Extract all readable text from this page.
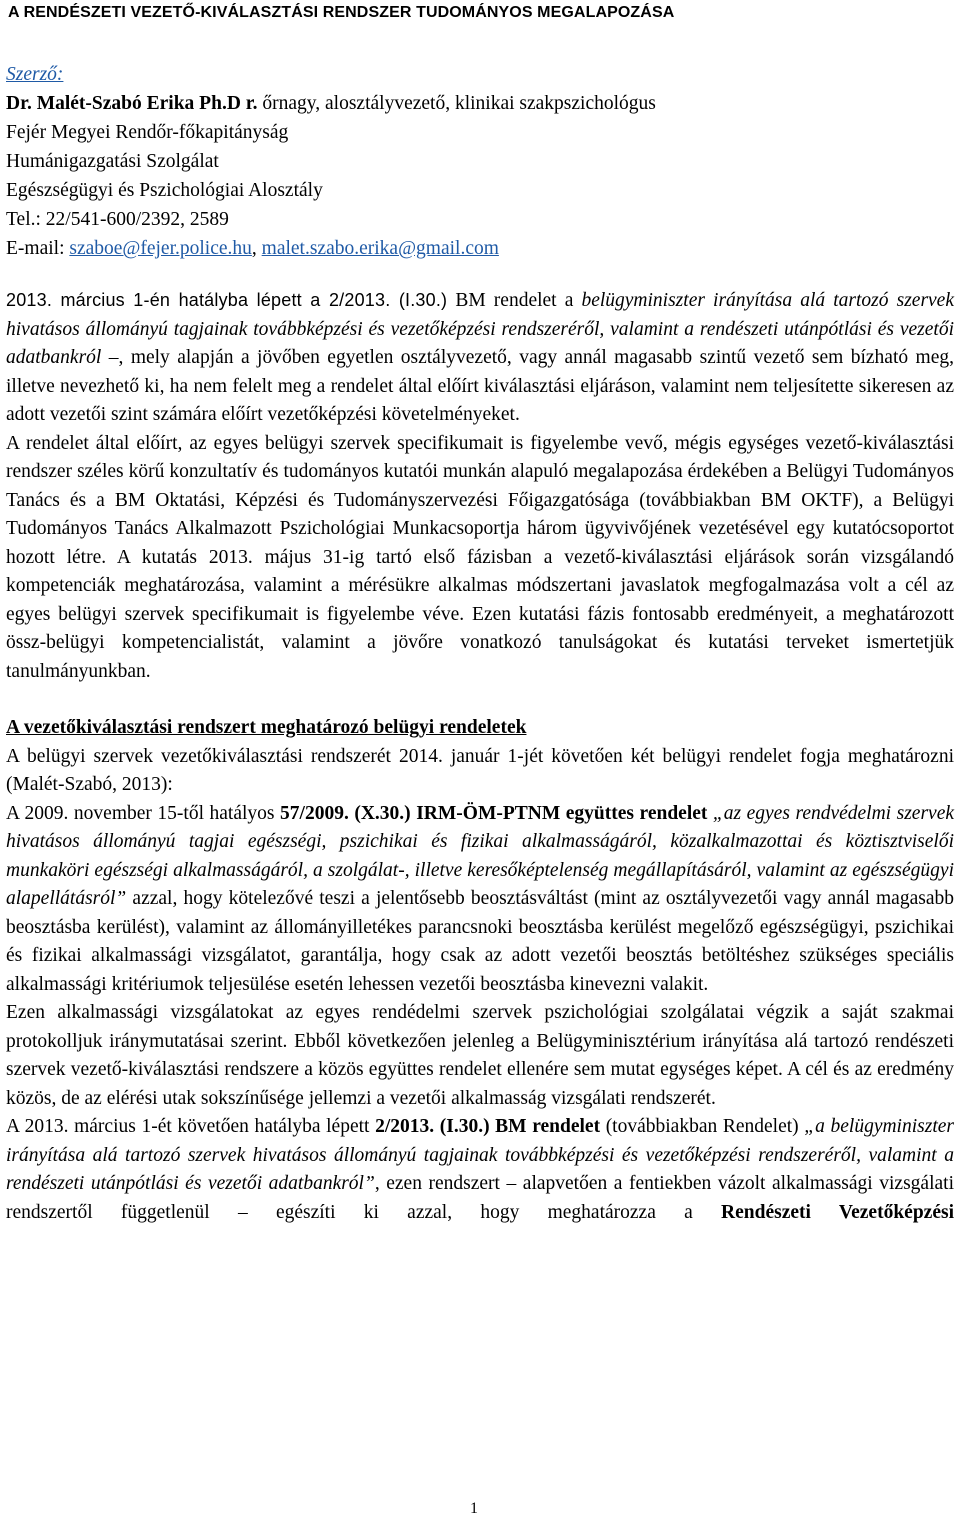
A RENDÉSZETI VEZETŐ-KIVÁLASZTÁSI RENDSZER TUDOMÁNYOS MEGALAPOZÁSA
Szerző:
Dr. Malét-Szabó Erika Ph.D r. őrnagy, alosztályvezető, klinikai szakpszichológus
Fejér Megyei Rendőr-főkapitányság
Humánigazgatási Szolgálat
Egészségügyi és Pszichológiai Alosztály
Tel.: 22/541-600/2392, 2589
E-mail: szaboe@fejer.police.hu, malet.szabo.erika@gmail.com

2013. március 1-én hatályba lépett a 2/2013. (I.30.) BM rendelet a belügyminiszter irányítása alá tartozó szervek hivatásos állományú tagjainak továbbképzési és vezetőképzési rendszeréről, valamint a rendészeti utánpótlási és vezetői adatbankról –, mely alapján a jövőben egyetlen osztályvezető, vagy annál magasabb szintű vezető sem bízható meg, illetve nevezhető ki, ha nem felelt meg a rendelet által előírt kiválasztási eljáráson, valamint nem teljesítette sikeresen az adott vezetői szint számára előírt vezetőképzési követelményeket.

A rendelet által előírt, az egyes belügyi szervek specifikumait is figyelembe vevő, mégis egységes vezető-kiválasztási rendszer széles körű konzultatív és tudományos kutatói munkán alapuló megalapozása érdekében a Belügyi Tudományos Tanács és a BM Oktatási, Képzési és Tudományszervezési Főigazgatósága (továbbiakban BM OKTF), a Belügyi Tudományos Tanács Alkalmazott Pszichológiai Munkacsoportja három ügyvivőjének vezetésével egy kutatócsoportot hozott létre. A kutatás 2013. május 31-ig tartó első fázisban a vezető-kiválasztási eljárások során vizsgálandó kompetenciák meghatározása, valamint a mérésükre alkalmas módszertani javaslatok megfogalmazása volt a cél az egyes belügyi szervek specifikumait is figyelembe véve. Ezen kutatási fázis fontosabb eredményeit, a meghatározott össz-belügyi kompetencialistát, valamint a jövőre vonatkozó tanulságokat és kutatási terveket ismertetjük tanulmányunkban.

A vezetőkiválasztási rendszert meghatározó belügyi rendeletek

A belügyi szervek vezetőkiválasztási rendszerét 2014. január 1-jét követően két belügyi rendelet fogja meghatározni (Malét-Szabó, 2013):

A 2009. november 15-től hatályos 57/2009. (X.30.) IRM-ÖM-PTNM együttes rendelet „az egyes rendvédelmi szervek hivatásos állományú tagjai egészségi, pszichikai és fizikai alkalmasságáról, közalkalmazottai és köztisztviselői munkaköri egészségi alkalmasságáról, a szolgálat-, illetve keresőképtelenség megállapításáról, valamint az egészségügyi alapellátásról” azzal, hogy kötelezővé teszi a jelentősebb beosztásváltást (mint az osztályvezetői vagy annál magasabb beosztásba kerülést), valamint az állományilletékes parancsnoki beosztásba kerülést megelőző egészségügyi, pszichikai és fizikai alkalmassági vizsgálatot, garantálja, hogy csak az adott vezetői beosztás betöltéshez szükséges speciális alkalmassági kritériumok teljesülése esetén lehessen vezetői beosztásba kinevezni valakit.

Ezen alkalmassági vizsgálatokat az egyes rendédelmi szervek pszichológiai szolgálatai végzik a saját szakmai protokolljuk iránymutatásai szerint. Ebből következően jelenleg a Belügyminisztérium irányítása alá tartozó rendészeti szervek vezető-kiválasztási rendszere a közös együttes rendelet ellenére sem mutat egységes képet. A cél és az eredmény közös, de az elérési utak sokszínűsége jellemzi a vezetői alkalmasság vizsgálati rendszerét.

A 2013. március 1-ét követően hatályba lépett 2/2013. (I.30.) BM rendelet (továbbiakban Rendelet) „a belügyminiszter irányítása alá tartozó szervek hivatásos állományú tagjainak továbbképzési és vezetőképzési rendszeréről, valamint a rendészeti utánpótlási és vezetői adatbankról”, ezen rendszert – alapvetően a fentiekben vázolt alkalmassági vizsgálati rendszertől függetlenül – egészíti ki azzal, hogy meghatározza a Rendészeti Vezetőképzési

1
